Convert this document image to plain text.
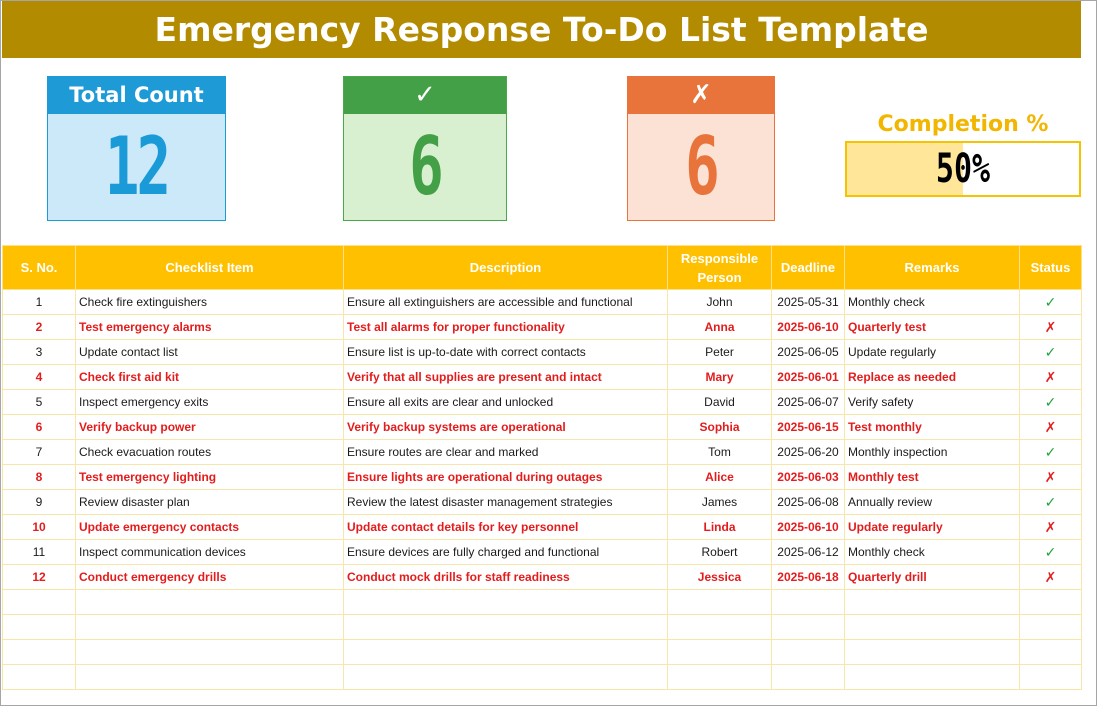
Emergency Response To-Do List Template
Total Count
12
✓
6
✗
6	Completion %
50%
S. No.	Checklist Item	Description	Responsible Person	Deadline	Remarks	Status
1	Check fire extinguishers	Ensure all extinguishers are accessible and functional	John	2025-05-31	Monthly check	✓
2	Test emergency alarms	Test all alarms for proper functionality	Anna	2025-06-10	Quarterly test	✗
3	Update contact list	Ensure list is up-to-date with correct contacts	Peter	2025-06-05	Update regularly	✓
4	Check first aid kit	Verify that all supplies are present and intact	Mary	2025-06-01	Replace as needed	✗
5	Inspect emergency exits	Ensure all exits are clear and unlocked	David	2025-06-07	Verify safety	✓
6	Verify backup power	Verify backup systems are operational	Sophia	2025-06-15	Test monthly	✗
7	Check evacuation routes	Ensure routes are clear and marked	Tom	2025-06-20	Monthly inspection	✓
8	Test emergency lighting	Ensure lights are operational during outages	Alice	2025-06-03	Monthly test	✗
9	Review disaster plan	Review the latest disaster management strategies	James	2025-06-08	Annually review	✓
10	Update emergency contacts	Update contact details for key personnel	Linda	2025-06-10	Update regularly	✗
11	Inspect communication devices	Ensure devices are fully charged and functional	Robert	2025-06-12	Monthly check	✓
12	Conduct emergency drills	Conduct mock drills for staff readiness	Jessica	2025-06-18	Quarterly drill	✗
